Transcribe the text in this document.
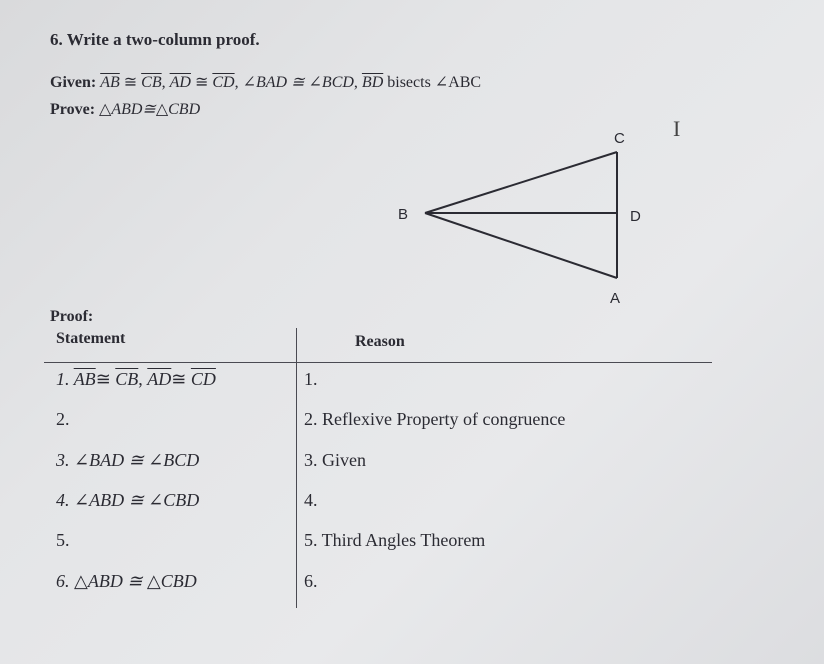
6. Write a two-column proof.
Given: $\overline{AB}$ ≅ $\overline{CB}$, $\overline{AD}$ ≅ $\overline{CD}$, ∠BAD ≅ ∠BCD, $\overline{BD}$ bisects ∠ABC
Prove: △ABD≅△CBD
C
B	D
A
I
Proof:
Statement	Reason
1. $\overline{AB}≅$ $\overline{CB}$, $\overline{AD}≅$ $\overline{CD}$	1.
2.	2. Reflexive Property of congruence
3. ∠BAD ≅ ∠BCD	3. Given
4. ∠ABD ≅ ∠CBD	4.
5.	5. Third Angles Theorem
6. △ABD ≅ △CBD	6.
